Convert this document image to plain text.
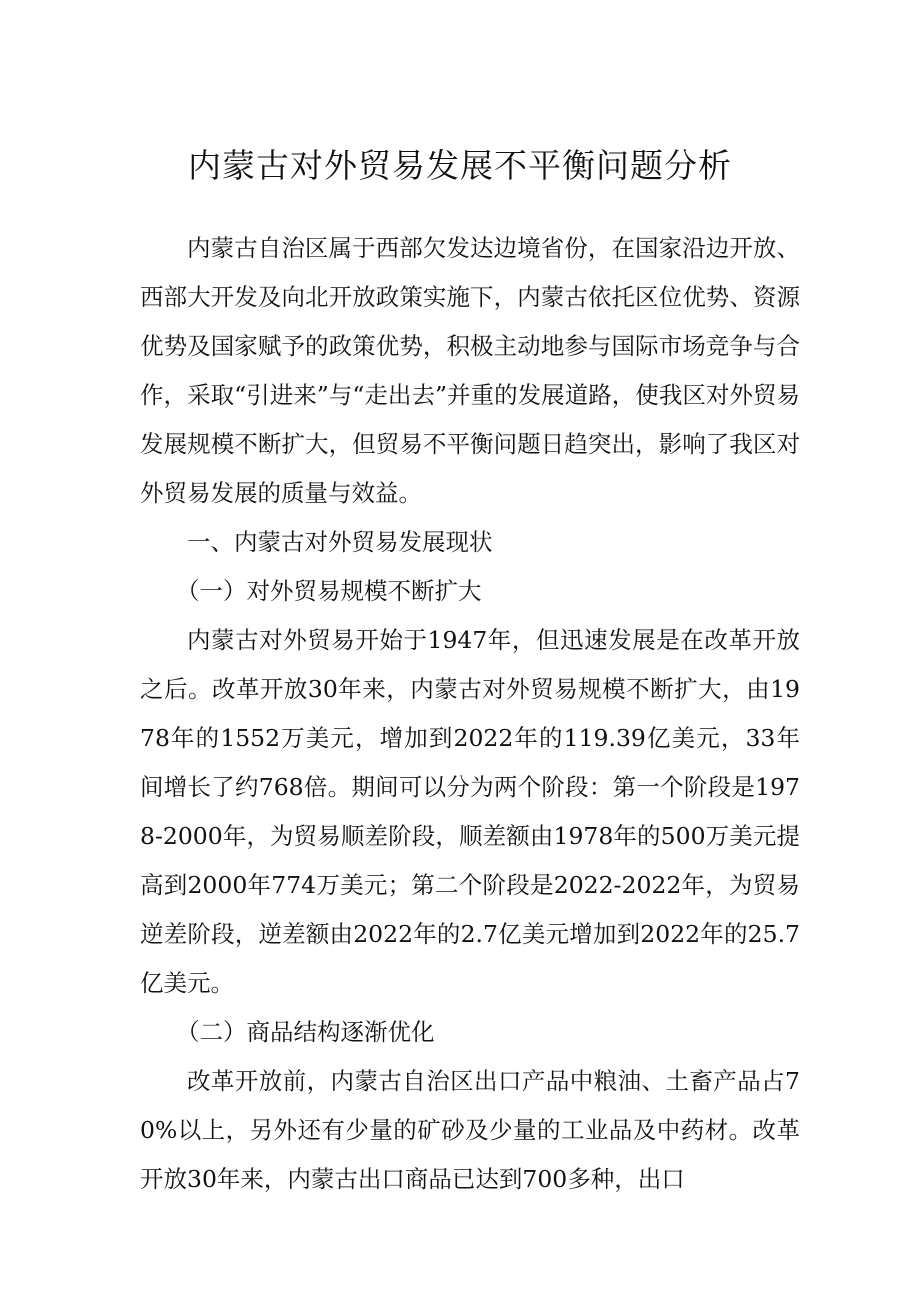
内蒙古对外贸易发展不平衡问题分析

内蒙古自治区属于西部欠发达边境省份，在国家沿边开放、西部大开发及向北开放政策实施下，内蒙古依托区位优势、资源优势及国家赋予的政策优势，积极主动地参与国际市场竞争与合作，采取“引进来”与“走出去”并重的发展道路，使我区对外贸易发展规模不断扩大，但贸易不平衡问题日趋突出，影响了我区对外贸易发展的质量与效益。

一、内蒙古对外贸易发展现状

（一）对外贸易规模不断扩大

内蒙古对外贸易开始于1947年，但迅速发展是在改革开放之后。改革开放30年来，内蒙古对外贸易规模不断扩大，由1978年的1552万美元，增加到2022年的119.39亿美元，33年间增长了约768倍。期间可以分为两个阶段：第一个阶段是1978-2000年，为贸易顺差阶段，顺差额由1978年的500万美元提高到2000年774万美元；第二个阶段是2022-2022年，为贸易逆差阶段，逆差额由2022年的2.7亿美元增加到2022年的25.7亿美元。

（二）商品结构逐渐优化

改革开放前，内蒙古自治区出口产品中粮油、土畜产品占70%以上，另外还有少量的矿砂及少量的工业品及中药材。改革开放30年来，内蒙古出口商品已达到700多种，出口
